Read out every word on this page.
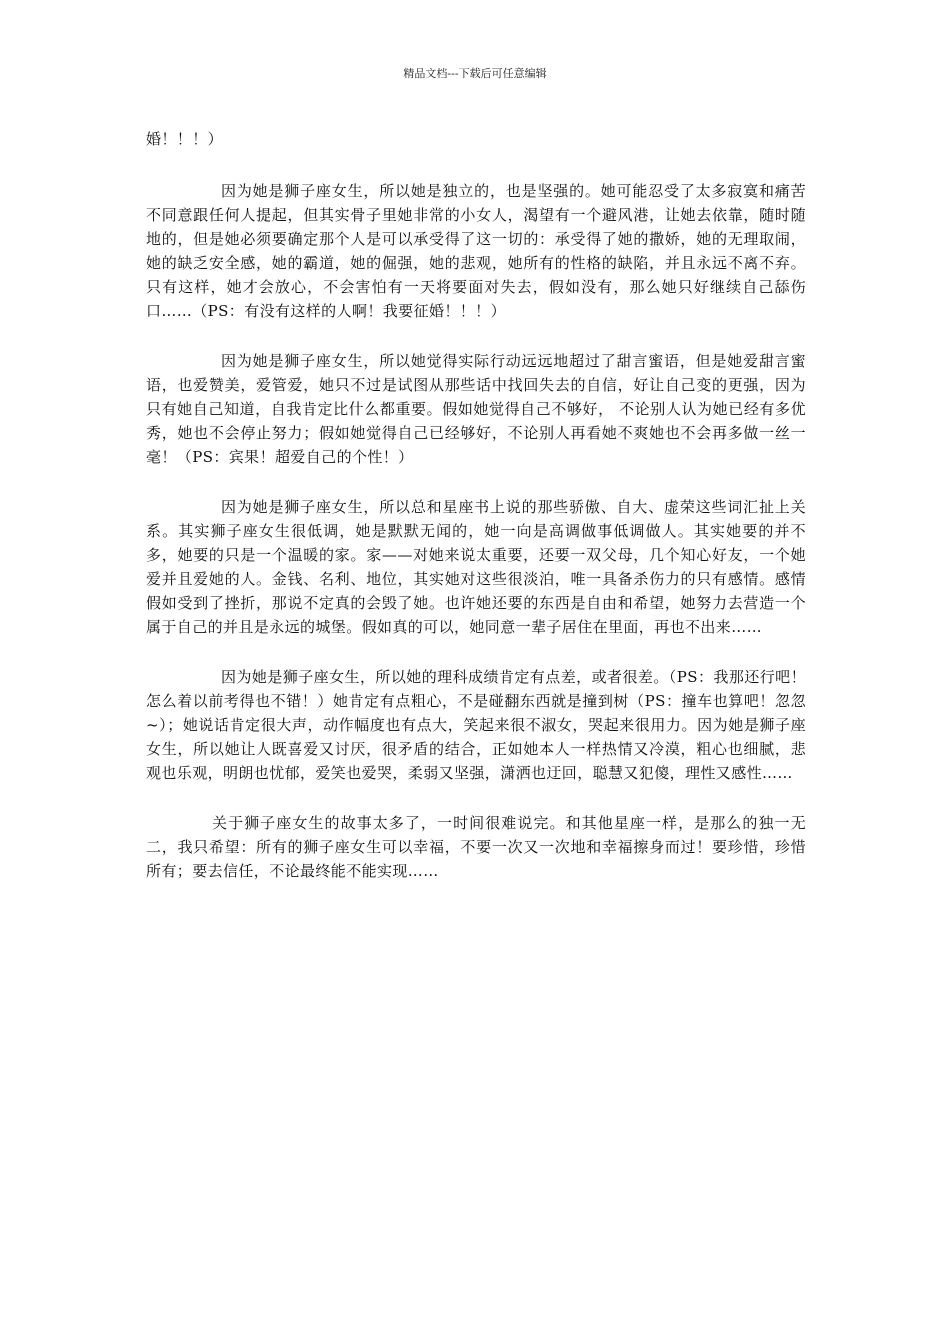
精品文档---下载后可任意编辑

婚！！！）

因为她是狮子座女生，所以她是独立的，也是坚强的。她可能忍受了太多寂寞和痛苦不同意跟任何人提起，但其实骨子里她非常的小女人，渴望有一个避风港，让她去依靠，随时随地的，但是她必须要确定那个人是可以承受得了这一切的：承受得了她的撒娇，她的无理取闹，她的缺乏安全感，她的霸道，她的倔强，她的悲观，她所有的性格的缺陷，并且永远不离不弃。 只有这样，她才会放心，不会害怕有一天将要面对失去，假如没有，那么她只好继续自己舔伤口……（PS：有没有这样的人啊！我要征婚！！！）

因为她是狮子座女生，所以她觉得实际行动远远地超过了甜言蜜语，但是她爱甜言蜜语，也爱赞美，爱管爱，她只不过是试图从那些话中找回失去的自信，好让自己变的更强，因为只有她自己知道，自我肯定比什么都重要。假如她觉得自己不够好， 不论别人认为她已经有多优秀，她也不会停止努力；假如她觉得自己已经够好，不论别人再看她不爽她也不会再多做一丝一毫！（PS：宾果！超爱自己的个性！）

因为她是狮子座女生，所以总和星座书上说的那些骄傲、自大、虚荣这些词汇扯上关系。其实狮子座女生很低调，她是默默无闻的，她一向是高调做事低调做人。其实她要的并不多，她要的只是一个温暖的家。家——对她来说太重要，还要一双父母，几个知心好友，一个她爱并且爱她的人。金钱、名利、地位，其实她对这些很淡泊，唯一具备杀伤力的只有感情。感情假如受到了挫折，那说不定真的会毁了她。也许她还要的东西是自由和希望，她努力去营造一个属于自己的并且是永远的城堡。假如真的可以，她同意一辈子居住在里面，再也不出来……

因为她是狮子座女生，所以她的理科成绩肯定有点差，或者很差。（PS：我那还行吧！怎么着以前考得也不错！）她肯定有点粗心，不是碰翻东西就是撞到树（PS：撞车也算吧！忽忽~）；她说话肯定很大声，动作幅度也有点大，笑起来很不淑女，哭起来很用力。因为她是狮子座女生，所以她让人既喜爱又讨厌，很矛盾的结合，正如她本人一样热情又冷漠，粗心也细腻，悲观也乐观，明朗也忧郁，爱笑也爱哭，柔弱又坚强，潇洒也迂回，聪慧又犯傻，理性又感性……

关于狮子座女生的故事太多了，一时间很难说完。和其他星座一样，是那么的独一无二，我只希望：所有的狮子座女生可以幸福，不要一次又一次地和幸福擦身而过！要珍惜，珍惜所有；要去信任，不论最终能不能实现……
